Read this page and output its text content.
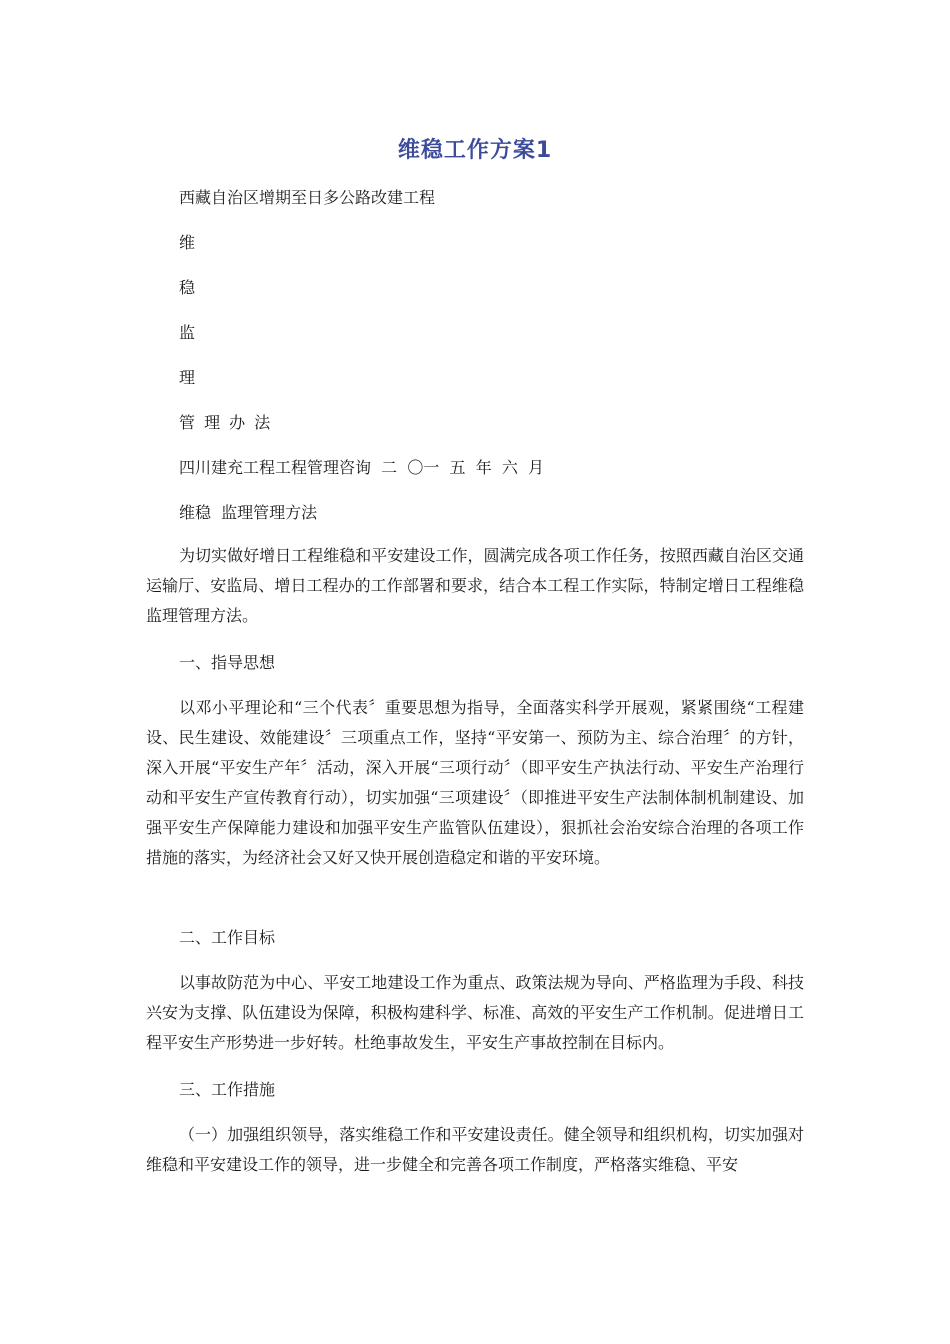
维稳工作方案1

西藏自治区增期至日多公路改建工程

维

稳

监

理

管 理 办 法

四川建充工程工程管理咨询  二  〇一  五  年  六  月

维稳  监理管理方法

为切实做好增日工程维稳和平安建设工作，圆满完成各项工作任务，按照西藏自治区交通运输厅、安监局、增日工程办的工作部署和要求，结合本工程工作实际，特制定增日工程维稳监理管理方法。

一、指导思想

以邓小平理论和“三个代表〞重要思想为指导，全面落实科学开展观，紧紧围绕“工程建设、民生建设、效能建设〞三项重点工作，坚持“平安第一、预防为主、综合治理〞的方针，深入开展“平安生产年〞活动，深入开展“三项行动〞（即平安生产执法行动、平安生产治理行动和平安生产宣传教育行动），切实加强“三项建设〞（即推进平安生产法制体制机制建设、加强平安生产保障能力建设和加强平安生产监管队伍建设），狠抓社会治安综合治理的各项工作措施的落实，为经济社会又好又快开展创造稳定和谐的平安环境。

二、工作目标

以事故防范为中心、平安工地建设工作为重点、政策法规为导向、严格监理为手段、科技兴安为支撑、队伍建设为保障，积极构建科学、标准、高效的平安生产工作机制。促进增日工程平安生产形势进一步好转。杜绝事故发生，平安生产事故控制在目标内。

三、工作措施

（一）加强组织领导，落实维稳工作和平安建设责任。健全领导和组织机构，切实加强对维稳和平安建设工作的领导，进一步健全和完善各项工作制度，严格落实维稳、平安
